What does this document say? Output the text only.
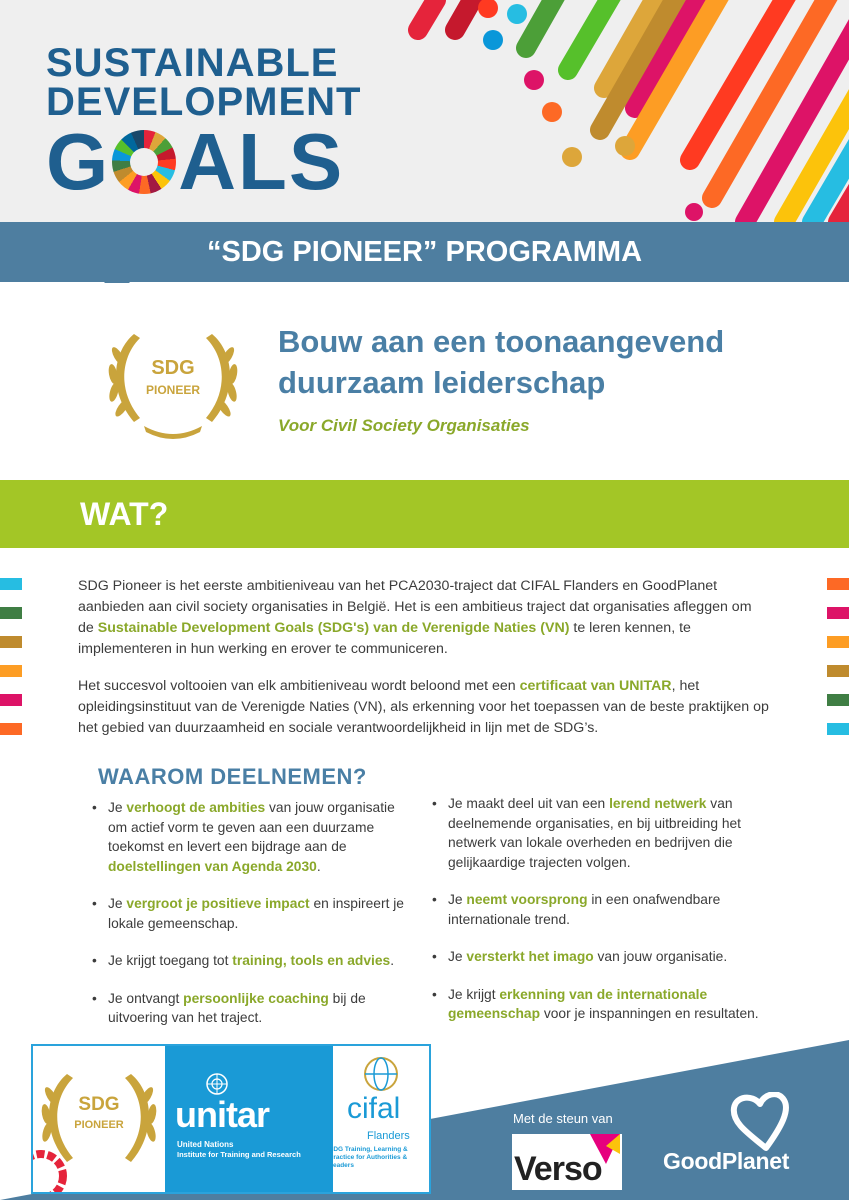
SUSTAINABLE
DEVELOPMENT
G ALS
“SDG PIONEER” PROGRAMMA
SDG
PIONEER
Bouw aan een toonaangevend
duurzaam leiderschap
Voor Civil Society Organisaties
WAT?

SDG Pioneer is het eerste ambitieniveau van het PCA2030-traject dat CIFAL Flanders en GoodPlanet aanbieden aan civil society organisaties in België. Het is een ambitieus traject dat organisaties afleggen om de Sustainable Development Goals (SDG's) van de Verenigde Naties (VN) te leren kennen, te implementeren in hun werking en erover te communiceren.

Het succesvol voltooien van elk ambitieniveau wordt beloond met een certificaat van UNITAR, het opleidingsinstituut van de Verenigde Naties (VN), als erkenning voor het toepassen van de beste praktijken op het gebied van duurzaamheid en sociale verantwoordelijkheid in lijn met de SDG’s.

WAAROM DEELNEMEN?
• Je verhoogt de ambities van jouw organisatie om actief vorm te geven aan een duurzame toekomst en levert een bijdrage aan de doelstellingen van Agenda 2030.
• Je vergroot je positieve impact en inspireert je lokale gemeenschap.
• Je krijgt toegang tot training, tools en advies.
• Je ontvangt persoonlijke coaching bij de uitvoering van het traject.
• Je maakt deel uit van een lerend netwerk van deelnemende organisaties, en bij uitbreiding het netwerk van lokale overheden en bedrijven die gelijkaardige trajecten volgen.
• Je neemt voorsprong in een onafwendbare internationale trend.
• Je versterkt het imago van jouw organisatie.
• Je krijgt erkenning van de internationale gemeenschap voor je inspanningen en resultaten.
SDG
PIONEER unitar
United Nations
Institute for Training and Research
cifal
Flanders
SDG Training, Learning & Practice for Authorities & Leaders
Met de steun van
Verso	GoodPlanet
